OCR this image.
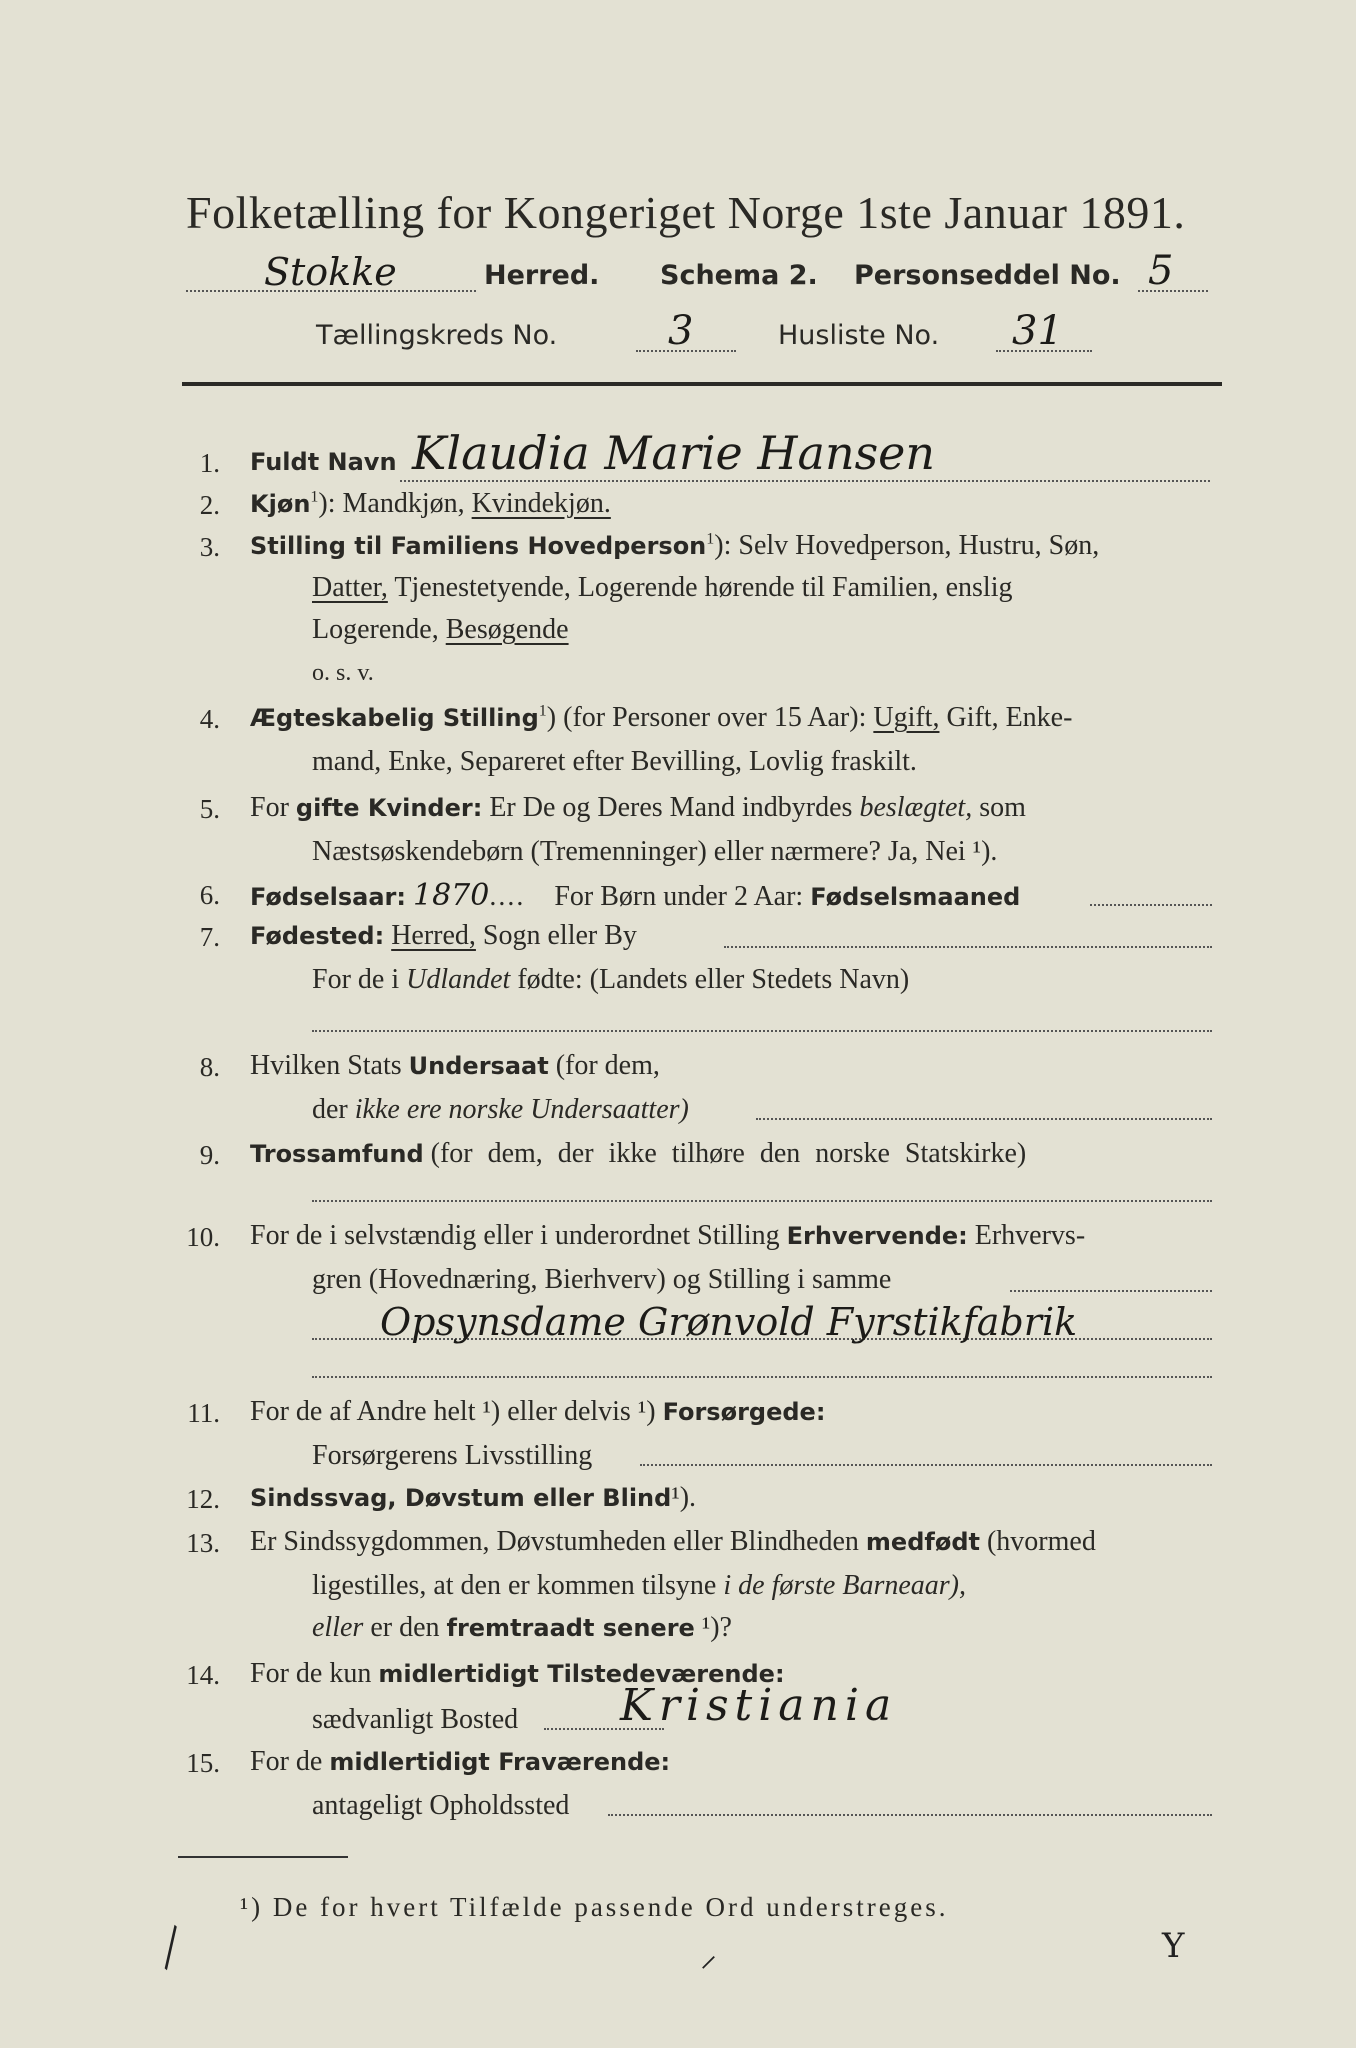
Folketælling for Kongeriget Norge 1ste Januar 1891.
Stokke	Herred. Schema 2. Personseddel No. 5
Tællingskreds No.	3	Husliste No. 31
1. Fuldt Navn Klaudia Marie Hansen
2. Kjøn$^1$): Mandkjøn, Kvindekjøn.
3. Stilling til Familiens Hovedperson$^1$): Selv Hovedperson, Hustru, Søn,
Datter, Tjenestetyende, Logerende hørende til Familien, enslig
Logerende, Besøgende
o. s. v.
4. Ægteskabelig Stilling$^1$) (for Personer over 15 Aar): Ugift, Gift, Enke-
mand, Enke, Separeret efter Bevilling, Lovlig fraskilt.
5. For gifte Kvinder: Er De og Deres Mand indbyrdes beslægtet, som
Næstsøskendebørn (Tremenninger) eller nærmere? Ja, Nei ¹).
6. Fødselsaar: 1870.... For Børn under 2 Aar: Fødselsmaaned
7. Fødested: Herred, Sogn eller By
For de i Udlandet fødte: (Landets eller Stedets Navn)
8. Hvilken Stats Undersaat (for dem,
der ikke ere norske Undersaatter)
9. Trossamfund (for dem, der ikke tilhøre den norske Statskirke)
10. For de i selvstændig eller i underordnet Stilling Erhvervende: Erhvervs-
gren (Hovednæring, Bierhverv) og Stilling i samme
Opsynsdame Grønvold Fyrstikfabrik
11. For de af Andre helt ¹) eller delvis ¹) Forsørgede:
Forsørgerens Livsstilling
12. Sindssvag, Døvstum eller Blind¹).
13. Er Sindssygdommen, Døvstumheden eller Blindheden medfødt (hvormed
ligestilles, at den er kommen tilsyne i de første Barneaar),
eller er den fremtraadt senere ¹)?
14. For de kun midlertidigt Tilstedeværende:
sædvanligt Bosted Kristiania
15. For de midlertidigt Fraværende:
antageligt Opholdssted
¹) De for hvert Tilfælde passende Ord understreges.
╲	⸝	Y
